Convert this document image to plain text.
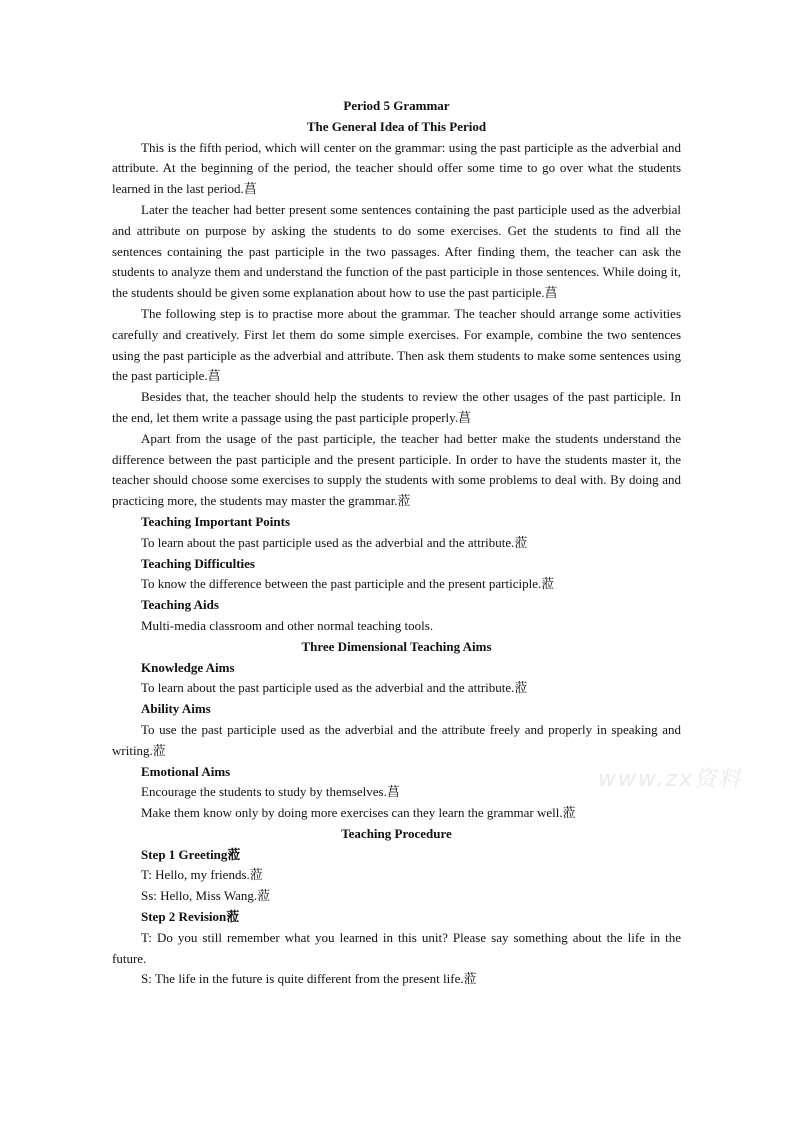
Period 5 Grammar

The General Idea of This Period

This is the fifth period, which will center on the grammar: using the past participle as the adverbial and attribute. At the beginning of the period, the teacher should offer some time to go over what the students learned in the last period.菖

Later the teacher had better present some sentences containing the past participle used as the adverbial and attribute on purpose by asking the students to do some exercises. Get the students to find all the sentences containing the past participle in the two passages. After finding them, the teacher can ask the students to analyze them and understand the function of the past participle in those sentences. While doing it, the students should be given some explanation about how to use the past participle.菖

The following step is to practise more about the grammar. The teacher should arrange some activities carefully and creatively. First let them do some simple exercises. For example, combine the two sentences using the past participle as the adverbial and attribute. Then ask them students to make some sentences using the past participle.菖

Besides that, the teacher should help the students to review the other usages of the past participle. In the end, let them write a passage using the past participle properly.菖

Apart from the usage of the past participle, the teacher had better make the students understand the difference between the past participle and the present participle. In order to have the students master it, the teacher should choose some exercises to supply the students with some problems to deal with. By doing and practicing more, the students may master the grammar.蒞

Teaching Important Points

To learn about the past participle used as the adverbial and the attribute.蒞

Teaching Difficulties

To know the difference between the past participle and the present participle.蒞

Teaching Aids

Multi-media classroom and other normal teaching tools.

Three Dimensional Teaching Aims

Knowledge Aims

To learn about the past participle used as the adverbial and the attribute.蒞

Ability Aims

To use the past participle used as the adverbial and the attribute freely and properly in speaking and writing.蒞

Emotional Aims

Encourage the students to study by themselves.菖

Make them know only by doing more exercises can they learn the grammar well.蒞

Teaching Procedure

Step 1 Greeting蒞

T: Hello, my friends.蒞

Ss: Hello, Miss Wang.蒞

Step 2 Revision蒞

T: Do you still remember what you learned in this unit? Please say something about the life in the future.

S: The life in the future is quite different from the present life.蒞

www.zx资料
